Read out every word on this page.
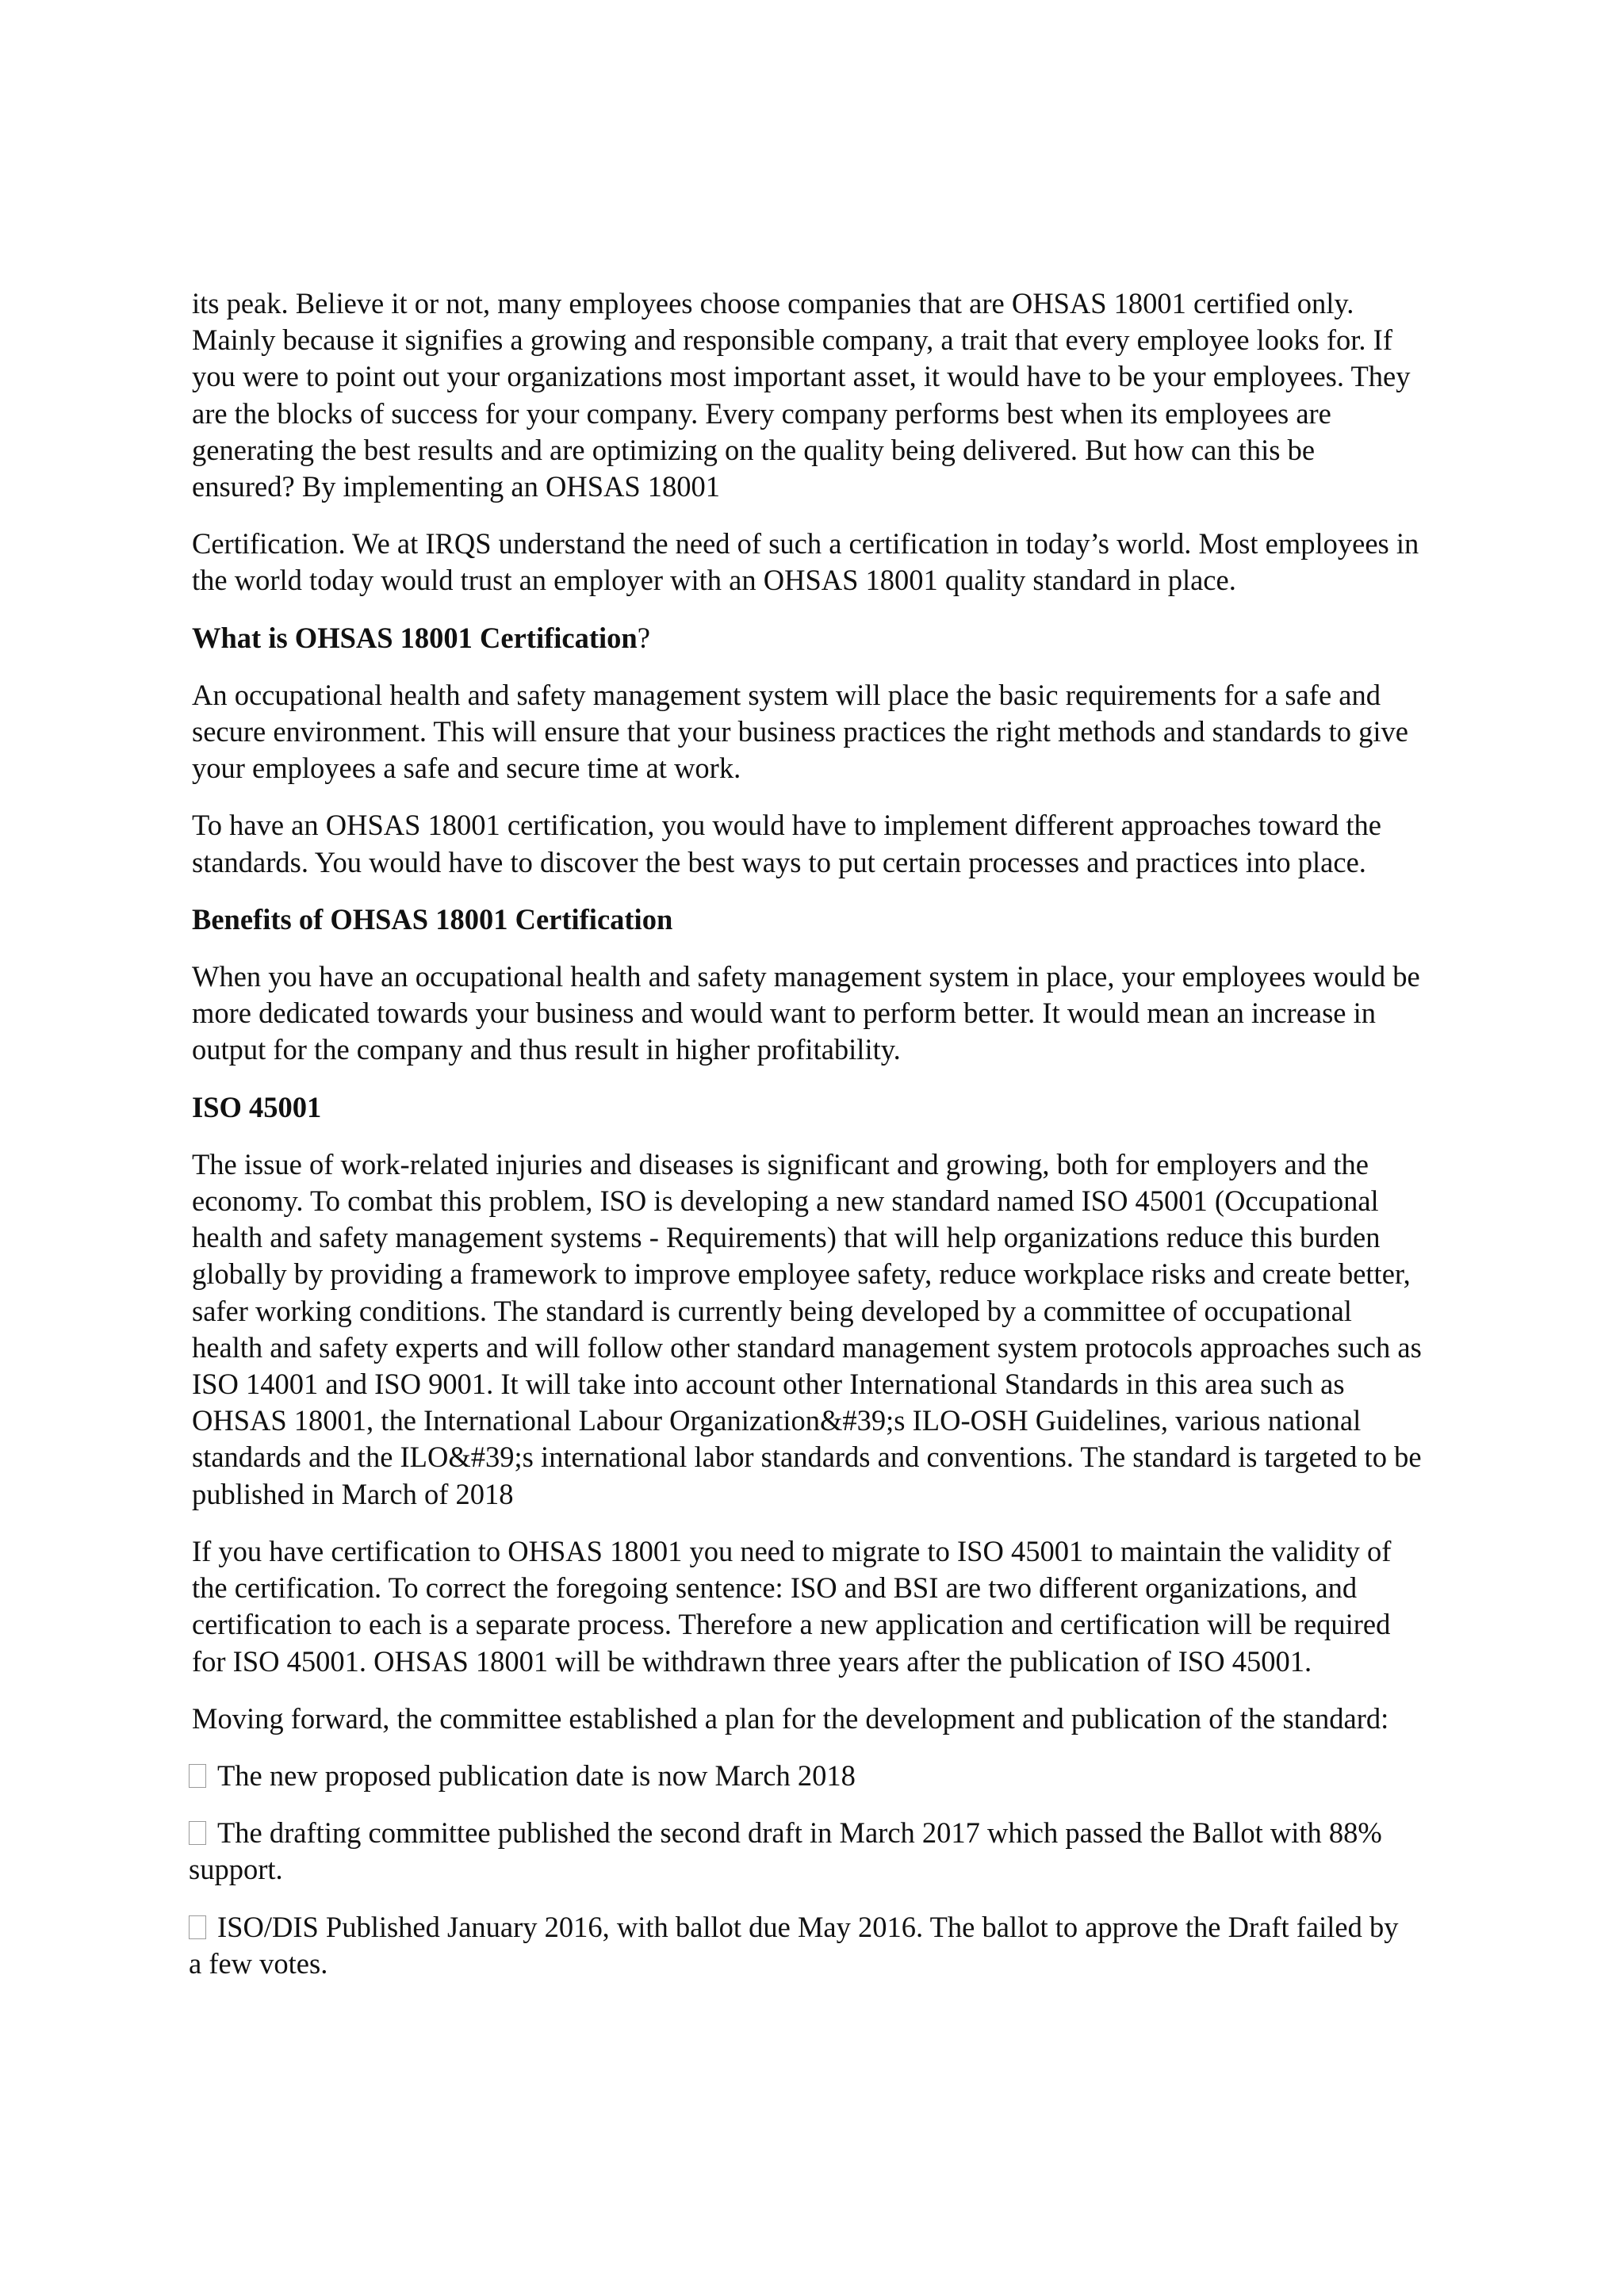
its peak. Believe it or not, many employees choose companies that are OHSAS 18001 certified only.
Mainly because it signifies a growing and responsible company, a trait that every employee looks for. If
you were to point out your organizations most important asset, it would have to be your employees. They
are the blocks of success for your company. Every company performs best when its employees are
generating the best results and are optimizing on the quality being delivered. But how can this be
ensured? By implementing an OHSAS 18001

Certification. We at IRQS understand the need of such a certification in today’s world. Most employees in
the world today would trust an employer with an OHSAS 18001 quality standard in place.

What is OHSAS 18001 Certification?

An occupational health and safety management system will place the basic requirements for a safe and
secure environment. This will ensure that your business practices the right methods and standards to give
your employees a safe and secure time at work.

To have an OHSAS 18001 certification, you would have to implement different approaches toward the
standards. You would have to discover the best ways to put certain processes and practices into place.

Benefits of OHSAS 18001 Certification

When you have an occupational health and safety management system in place, your employees would be
more dedicated towards your business and would want to perform better. It would mean an increase in
output for the company and thus result in higher profitability.

ISO 45001

The issue of work-related injuries and diseases is significant and growing, both for employers and the
economy. To combat this problem, ISO is developing a new standard named ISO 45001 (Occupational
health and safety management systems - Requirements) that will help organizations reduce this burden
globally by providing a framework to improve employee safety, reduce workplace risks and create better,
safer working conditions. The standard is currently being developed by a committee of occupational
health and safety experts and will follow other standard management system protocols approaches such as
ISO 14001 and ISO 9001. It will take into account other International Standards in this area such as
OHSAS 18001, the International Labour Organization&#39;s ILO-OSH Guidelines, various national
standards and the ILO&#39;s international labor standards and conventions. The standard is targeted to be
published in March of 2018

If you have certification to OHSAS 18001 you need to migrate to ISO 45001 to maintain the validity of
the certification. To correct the foregoing sentence: ISO and BSI are two different organizations, and
certification to each is a separate process. Therefore a new application and certification will be required
for ISO 45001. OHSAS 18001 will be withdrawn three years after the publication of ISO 45001.

Moving forward, the committee established a plan for the development and publication of the standard:

The new proposed publication date is now March 2018

The drafting committee published the second draft in March 2017 which passed the Ballot with 88%
support.

ISO/DIS Published January 2016, with ballot due May 2016. The ballot to approve the Draft failed by
a few votes.
